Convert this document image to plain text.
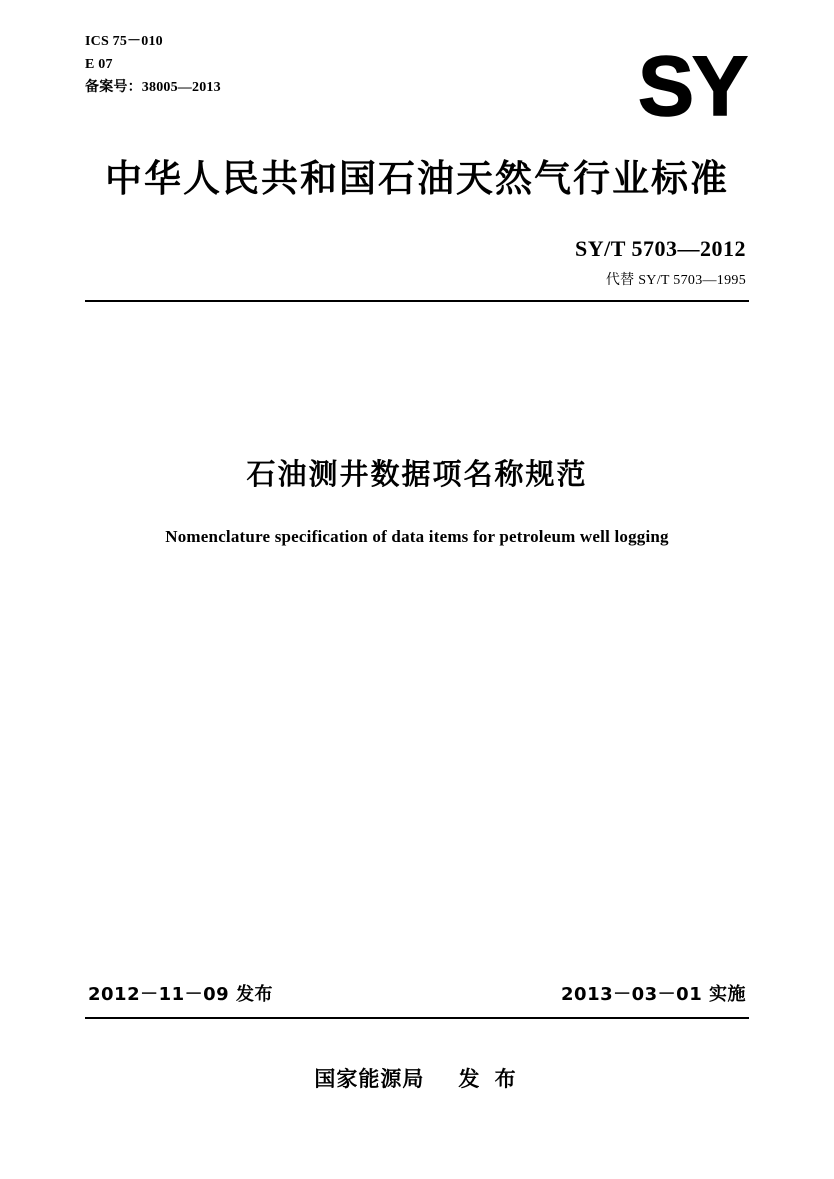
ICS 75－010
E 07
备案号：38005—2013	SY
中华人民共和国石油天然气行业标准
SY/T 5703—2012
代替 SY/T 5703—1995
石油测井数据项名称规范
Nomenclature specification of data items for petroleum well logging
2012－11－09 发布	2013－03－01 实施
国家能源局 发 布
